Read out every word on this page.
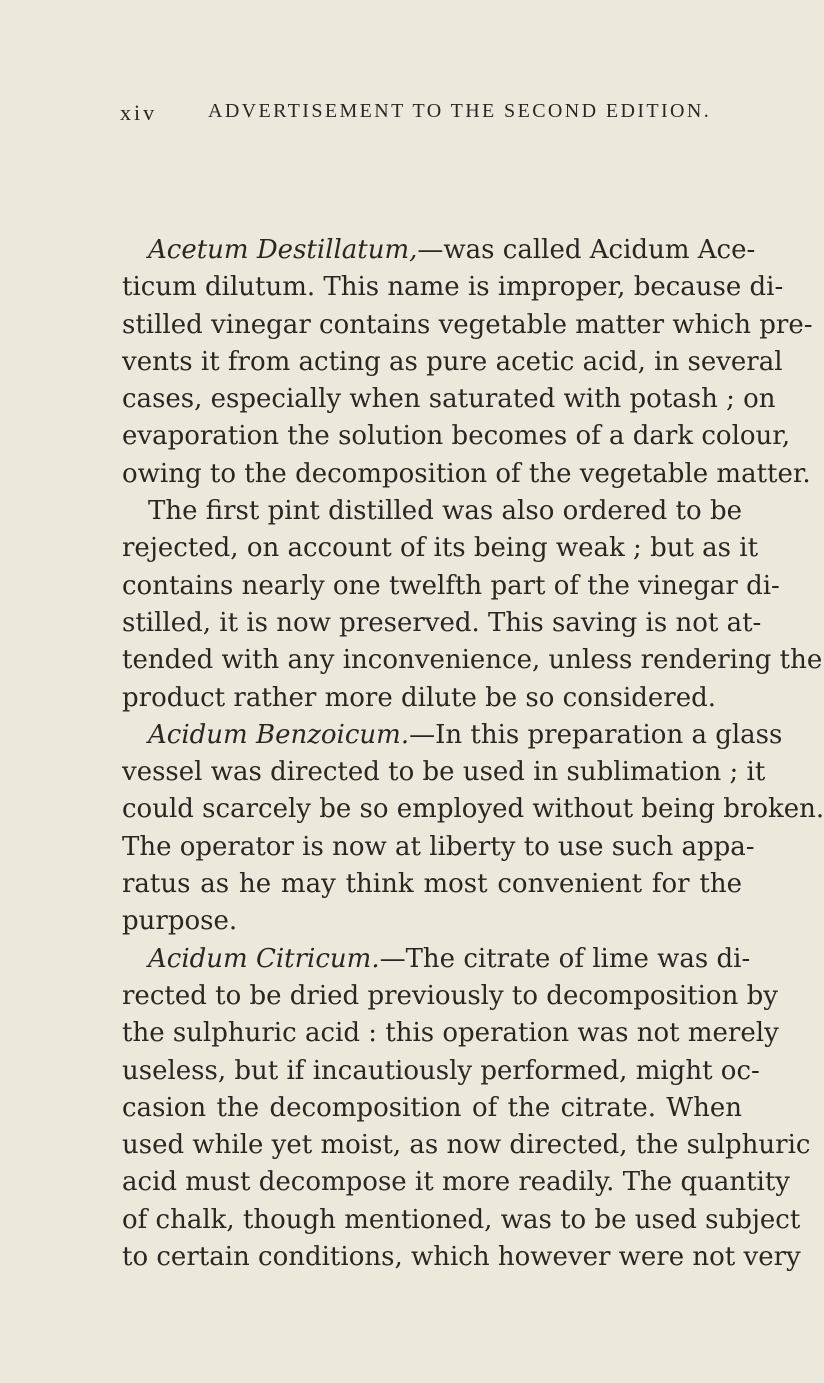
xiv	ADVERTISEMENT TO THE SECOND EDITION.
Acetum Destillatum,—was called Acidum Ace-
ticum dilutum. This name is improper, because di-
stilled vinegar contains vegetable matter which pre-
vents it from acting as pure acetic acid, in several
cases, especially when saturated with potash ; on
evaporation the solution becomes of a dark colour,
owing to the decomposition of the vegetable matter.
The first pint distilled was also ordered to be
rejected, on account of its being weak ; but as it
contains nearly one twelfth part of the vinegar di-
stilled, it is now preserved. This saving is not at-
tended with any inconvenience, unless rendering the
product rather more dilute be so considered.
Acidum Benzoicum.—In this preparation a glass
vessel was directed to be used in sublimation ; it
could scarcely be so employed without being broken.
The operator is now at liberty to use such appa-
ratus as he may think most convenient for the
purpose.
Acidum Citricum.—The citrate of lime was di-
rected to be dried previously to decomposition by
the sulphuric acid : this operation was not merely
useless, but if incautiously performed, might oc-
casion the decomposition of the citrate. When
used while yet moist, as now directed, the sulphuric
acid must decompose it more readily. The quantity
of chalk, though mentioned, was to be used subject
to certain conditions, which however were not very
